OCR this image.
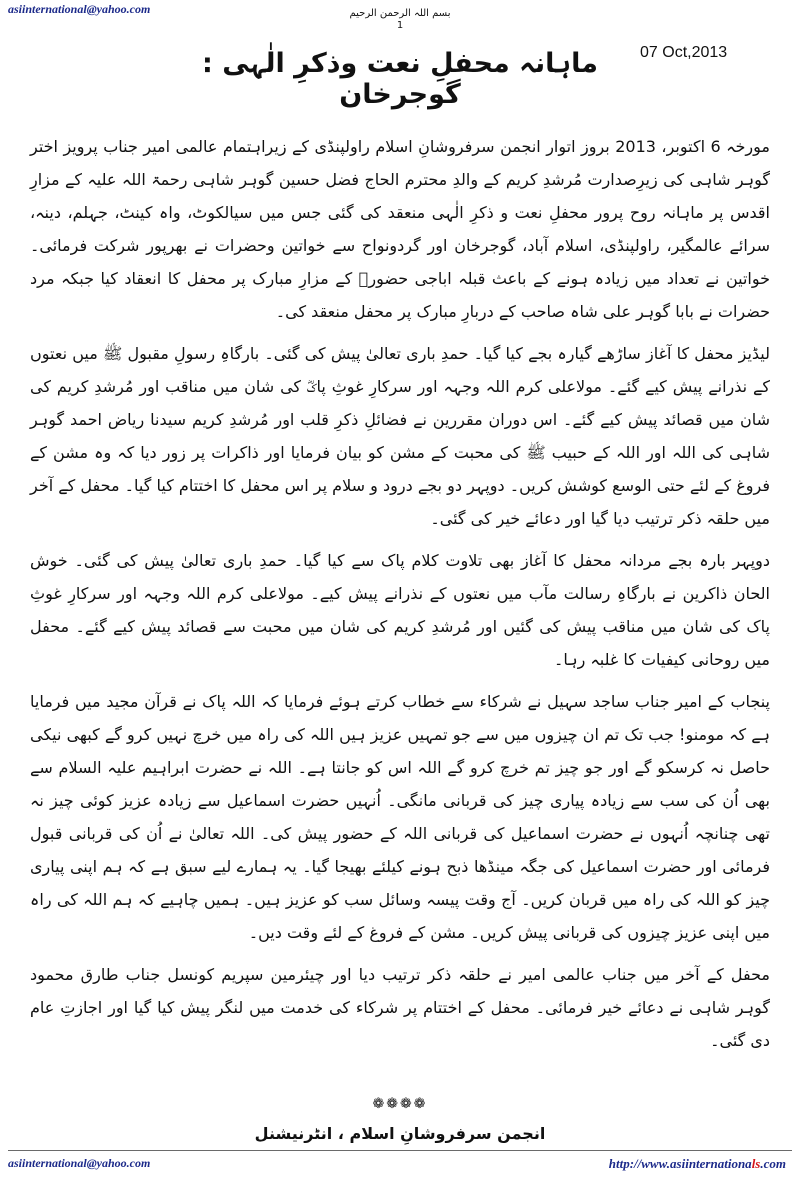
asiinternational@yahoo.com	بسم اللہ الرحمن الرحیم
1
07 Oct,2013
ماہانہ محفلِ نعت وذکرِ الٰہی : گوجرخان

مورخہ 6 اکتوبر، 2013 بروز اتوار انجمن سرفروشانِ اسلام راولپنڈی کے زیراہتمام عالمی امیر جناب پرویز اختر گوہر شاہی کی زیرِصدارت مُرشدِ کریم کے والدِ محترم الحاج فضل حسین گوہر شاہی رحمۃ اللہ علیہ کے مزارِ اقدس پر ماہانہ روح پرور محفلِ نعت و ذکرِ الٰہی منعقد کی گئی جس میں سیالکوٹ، واہ کینٹ، جہلم، دینہ، سرائے عالمگیر، راولپنڈی، اسلام آباد، گوجرخان اور گردونواح سے خواتین وحضرات نے بھرپور شرکت فرمائی۔ خواتین نے تعداد میں زیادہ ہونے کے باعث قبلہ اباجی حضورؒ کے مزارِ مبارک پر محفل کا انعقاد کیا جبکہ مرد حضرات نے بابا گوہر علی شاہ صاحب کے دربارِ مبارک پر محفل منعقد کی۔

لیڈیز محفل کا آغاز ساڑھے گیارہ بجے کیا گیا۔ حمدِ باری تعالیٰ پیش کی گئی۔ بارگاہِ رسولِ مقبول ﷺ میں نعتوں کے نذرانے پیش کیے گئے۔ مولاعلی کرم اللہ وجہہ اور سرکارِ غوثِ پاکؓ کی شان میں مناقب اور مُرشدِ کریم کی شان میں قصائد پیش کیے گئے۔ اس دوران مقررین نے فضائلِ ذکرِ قلب اور مُرشدِ کریم سیدنا ریاض احمد گوہر شاہی کی اللہ اور اللہ کے حبیب ﷺ کی محبت کے مشن کو بیان فرمایا اور ذاکرات پر زور دیا کہ وہ مشن کے فروغ کے لئے حتی الوسع کوشش کریں۔ دوپہر دو بجے درود و سلام پر اس محفل کا اختتام کیا گیا۔ محفل کے آخر میں حلقہ ذکر ترتیب دیا گیا اور دعائے خیر کی گئی۔

دوپہر بارہ بجے مردانہ محفل کا آغاز بھی تلاوت کلام پاک سے کیا گیا۔ حمدِ باری تعالیٰ پیش کی گئی۔ خوش الحان ذاکرین نے بارگاہِ رسالت مآب میں نعتوں کے نذرانے پیش کیے۔ مولاعلی کرم اللہ وجہہ اور سرکارِ غوثِ پاک کی شان میں مناقب پیش کی گئیں اور مُرشدِ کریم کی شان میں محبت سے قصائد پیش کیے گئے۔ محفل میں روحانی کیفیات کا غلبہ رہا۔

پنجاب کے امیر جناب ساجد سہیل نے شرکاء سے خطاب کرتے ہوئے فرمایا کہ اللہ پاک نے قرآن مجید میں فرمایا ہے کہ مومنو! جب تک تم ان چیزوں میں سے جو تمہیں عزیز ہیں اللہ کی راہ میں خرچ نہیں کرو گے کبھی نیکی حاصل نہ کرسکو گے اور جو چیز تم خرچ کرو گے اللہ اس کو جانتا ہے۔ اللہ نے حضرت ابراہیم علیہ السلام سے بھی اُن کی سب سے زیادہ پیاری چیز کی قربانی مانگی۔ اُنہیں حضرت اسماعیل سے زیادہ عزیز کوئی چیز نہ تھی چنانچہ اُنہوں نے حضرت اسماعیل کی قربانی اللہ کے حضور پیش کی۔ اللہ تعالیٰ نے اُن کی قربانی قبول فرمائی اور حضرت اسماعیل کی جگہ مینڈھا ذبح ہونے کیلئے بھیجا گیا۔ یہ ہمارے لیے سبق ہے کہ ہم اپنی پیاری چیز کو اللہ کی راہ میں قربان کریں۔ آج وقت پیسہ وسائل سب کو عزیز ہیں۔ ہمیں چاہیے کہ ہم اللہ کی راہ میں اپنی عزیز چیزوں کی قربانی پیش کریں۔ مشن کے فروغ کے لئے وقت دیں۔

محفل کے آخر میں جناب عالمی امیر نے حلقہ ذکر ترتیب دیا اور چیئرمین سپریم کونسل جناب طارق محمود گوہر شاہی نے دعائے خیر فرمائی۔ محفل کے اختتام پر شرکاء کی خدمت میں لنگر پیش کیا گیا اور اجازتِ عام دی گئی۔

❁❁❁❁
انجمن سرفروشانِ اسلام ، انٹرنیشنل
asiinternational@yahoo.com	http://www.asiinternationals.com
